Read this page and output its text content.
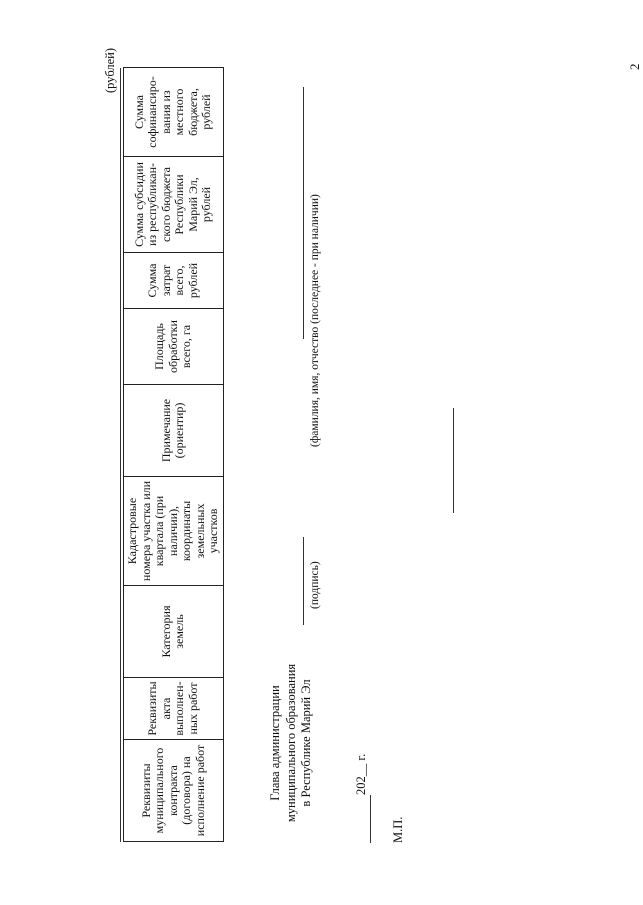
2
(рублей)
Реквизиты муниципального контракта (договора) на исполнение работ	Реквизиты акта выполнен-ных работ	Категория земель	Кадастровые номера участка или квартала (при наличии), координаты земельных участков	Примечание (ориентир)	Площадь обработки всего, га	Сумма затрат всего, рублей	Сумма субсидии из республикан-ского бюджета Республики Марий Эл, рублей	Сумма софинансиро-вания из местного бюджета, рублей
Глава администрации муниципального образования в Республике Марий Эл
(подпись)
(фамилия, имя, отчество (последнее - при наличии)
202__ г.
М.П.
